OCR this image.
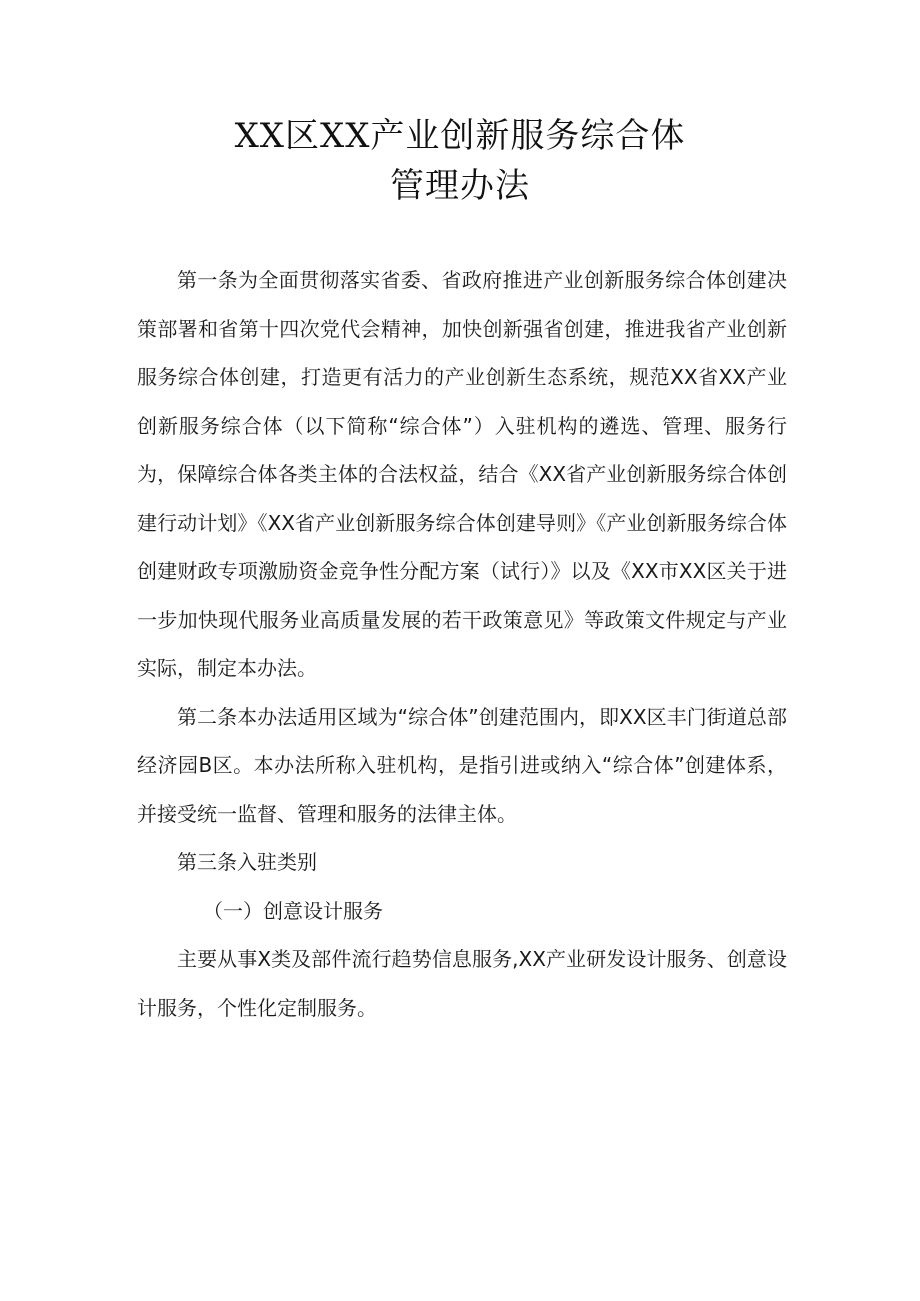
XX区XX产业创新服务综合体
管理办法

第一条为全面贯彻落实省委、省政府推进产业创新服务综合体创建决策部署和省第十四次党代会精神，加快创新强省创建，推进我省产业创新服务综合体创建，打造更有活力的产业创新生态系统，规范XX省XX产业创新服务综合体（以下简称“综合体”）入驻机构的遴选、管理、服务行为，保障综合体各类主体的合法权益，结合《XX省产业创新服务综合体创建行动计划》《XX省产业创新服务综合体创建导则》《产业创新服务综合体创建财政专项激励资金竞争性分配方案（试行）》以及《XX市XX区关于进一步加快现代服务业高质量发展的若干政策意见》等政策文件规定与产业实际，制定本办法。

第二条本办法适用区域为“综合体”创建范围内，即XX区丰门街道总部经济园B区。本办法所称入驻机构，是指引进或纳入“综合体”创建体系，并接受统一监督、管理和服务的法律主体。

第三条入驻类别

（一）创意设计服务

主要从事X类及部件流行趋势信息服务,XX产业研发设计服务、创意设计服务，个性化定制服务。
